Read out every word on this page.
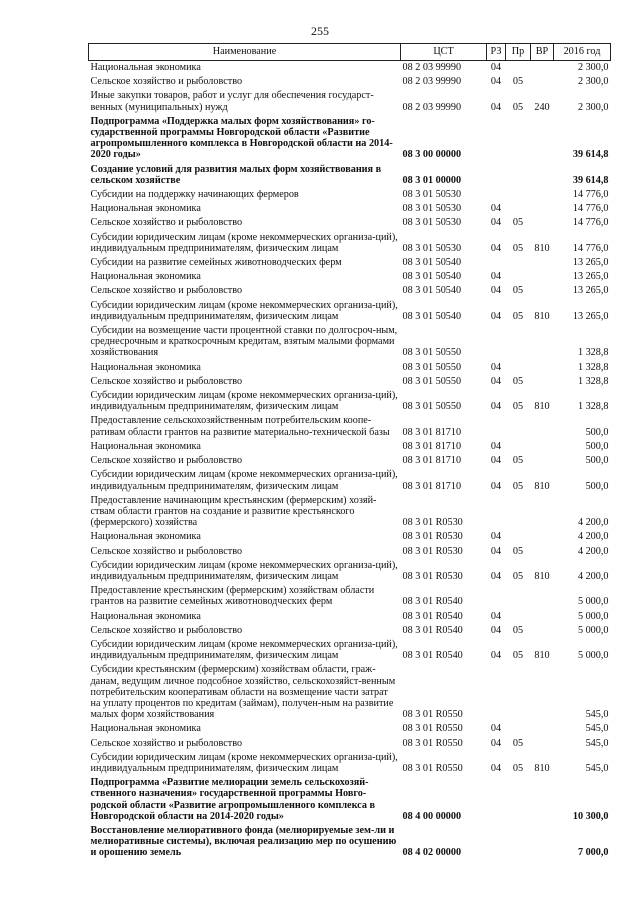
255
Наименование	ЦСТ	РЗ	Пр	ВР	2016 год
Национальная экономика	08 2 03 99990	04			2 300,0
Сельское хозяйство и рыболовство	08 2 03 99990	04	05		2 300,0
Иные закупки товаров, работ и услуг для обеспечения государст-венных (муниципальных) нужд	08 2 03 99990	04	05	240	2 300,0
Подпрограмма «Поддержка малых форм хозяйствования» го-сударственной программы Новгородской области «Развитие агропромышленного комплекса в Новгородской области на 2014-2020 годы»	08 3 00 00000				39 614,8
Создание условий для развития малых форм хозяйствования в сельском хозяйстве	08 3 01 00000				39 614,8
Субсидии на поддержку начинающих фермеров	08 3 01 50530				14 776,0
Национальная экономика	08 3 01 50530	04			14 776,0
Сельское хозяйство и рыболовство	08 3 01 50530	04	05		14 776,0
Субсидии юридическим лицам (кроме некоммерческих организа-ций), индивидуальным предпринимателям, физическим лицам	08 3 01 50530	04	05	810	14 776,0
Субсидии на развитие семейных животноводческих ферм	08 3 01 50540				13 265,0
Национальная экономика	08 3 01 50540	04			13 265,0
Сельское хозяйство и рыболовство	08 3 01 50540	04	05		13 265,0
Субсидии юридическим лицам (кроме некоммерческих организа-ций), индивидуальным предпринимателям, физическим лицам	08 3 01 50540	04	05	810	13 265,0
Субсидии на возмещение части процентной ставки по долгосроч-ным, среднесрочным и краткосрочным кредитам, взятым малыми формами хозяйствования	08 3 01 50550				1 328,8
Национальная экономика	08 3 01 50550	04			1 328,8
Сельское хозяйство и рыболовство	08 3 01 50550	04	05		1 328,8
Субсидии юридическим лицам (кроме некоммерческих организа-ций), индивидуальным предпринимателям, физическим лицам	08 3 01 50550	04	05	810	1 328,8
Предоставление сельскохозяйственным потребительским коопе-ративам области грантов на развитие материально-технической базы	08 3 01 81710				500,0
Национальная экономика	08 3 01 81710	04			500,0
Сельское хозяйство и рыболовство	08 3 01 81710	04	05		500,0
Субсидии юридическим лицам (кроме некоммерческих организа-ций), индивидуальным предпринимателям, физическим лицам	08 3 01 81710	04	05	810	500,0
Предоставление начинающим крестьянским (фермерским) хозяй-ствам области грантов на создание и развитие крестьянского (фермерского) хозяйства	08 3 01 R0530				4 200,0
Национальная экономика	08 3 01 R0530	04			4 200,0
Сельское хозяйство и рыболовство	08 3 01 R0530	04	05		4 200,0
Субсидии юридическим лицам (кроме некоммерческих организа-ций), индивидуальным предпринимателям, физическим лицам	08 3 01 R0530	04	05	810	4 200,0
Предоставление крестьянским (фермерским) хозяйствам области грантов на развитие семейных животноводческих ферм	08 3 01 R0540				5 000,0
Национальная экономика	08 3 01 R0540	04			5 000,0
Сельское хозяйство и рыболовство	08 3 01 R0540	04	05		5 000,0
Субсидии юридическим лицам (кроме некоммерческих организа-ций), индивидуальным предпринимателям, физическим лицам	08 3 01 R0540	04	05	810	5 000,0
Субсидии крестьянским (фермерским) хозяйствам области, граж-данам, ведущим личное подсобное хозяйство, сельскохозяйст-венным потребительским кооперативам области на возмещение части затрат на уплату процентов по кредитам (займам), получен-ным на развитие малых форм хозяйствования	08 3 01 R0550				545,0
Национальная экономика	08 3 01 R0550	04			545,0
Сельское хозяйство и рыболовство	08 3 01 R0550	04	05		545,0
Субсидии юридическим лицам (кроме некоммерческих организа-ций), индивидуальным предпринимателям, физическим лицам	08 3 01 R0550	04	05	810	545,0
Подпрограмма «Развитие мелиорации земель сельскохозяй-ственного назначения» государственной программы Новго-родской области «Развитие агропромышленного комплекса в Новгородской области на 2014-2020 годы»	08 4 00 00000				10 300,0
Восстановление мелиоративного фонда (мелиорируемые зем-ли и мелиоративные системы), включая реализацию мер по осушению и орошению земель	08 4 02 00000				7 000,0
